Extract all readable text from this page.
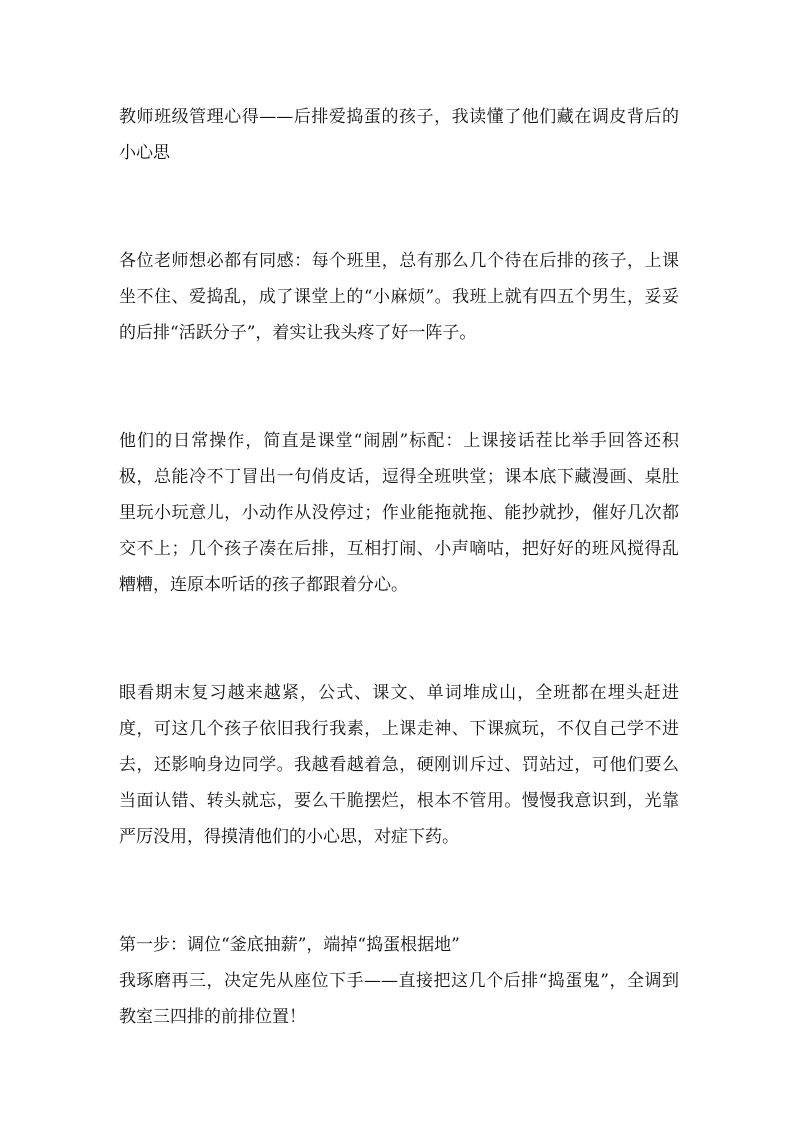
教师班级管理心得——后排爱捣蛋的孩子，我读懂了他们藏在调皮背后的小心思

各位老师想必都有同感：每个班里，总有那么几个待在后排的孩子，上课坐不住、爱捣乱，成了课堂上的“小麻烦”。我班上就有四五个男生，妥妥的后排“活跃分子”，着实让我头疼了好一阵子。

他们的日常操作，简直是课堂“闹剧”标配：上课接话茬比举手回答还积极，总能冷不丁冒出一句俏皮话，逗得全班哄堂；课本底下藏漫画、桌肚里玩小玩意儿，小动作从没停过；作业能拖就拖、能抄就抄，催好几次都交不上；几个孩子凑在后排，互相打闹、小声嘀咕，把好好的班风搅得乱糟糟，连原本听话的孩子都跟着分心。

眼看期末复习越来越紧，公式、课文、单词堆成山，全班都在埋头赶进度，可这几个孩子依旧我行我素，上课走神、下课疯玩，不仅自己学不进去，还影响身边同学。我越看越着急，硬刚训斥过、罚站过，可他们要么当面认错、转头就忘，要么干脆摆烂，根本不管用。慢慢我意识到，光靠严厉没用，得摸清他们的小心思，对症下药。

第一步：调位“釜底抽薪”，端掉“捣蛋根据地”

我琢磨再三，决定先从座位下手——直接把这几个后排“捣蛋鬼”，全调到教室三四排的前排位置！
